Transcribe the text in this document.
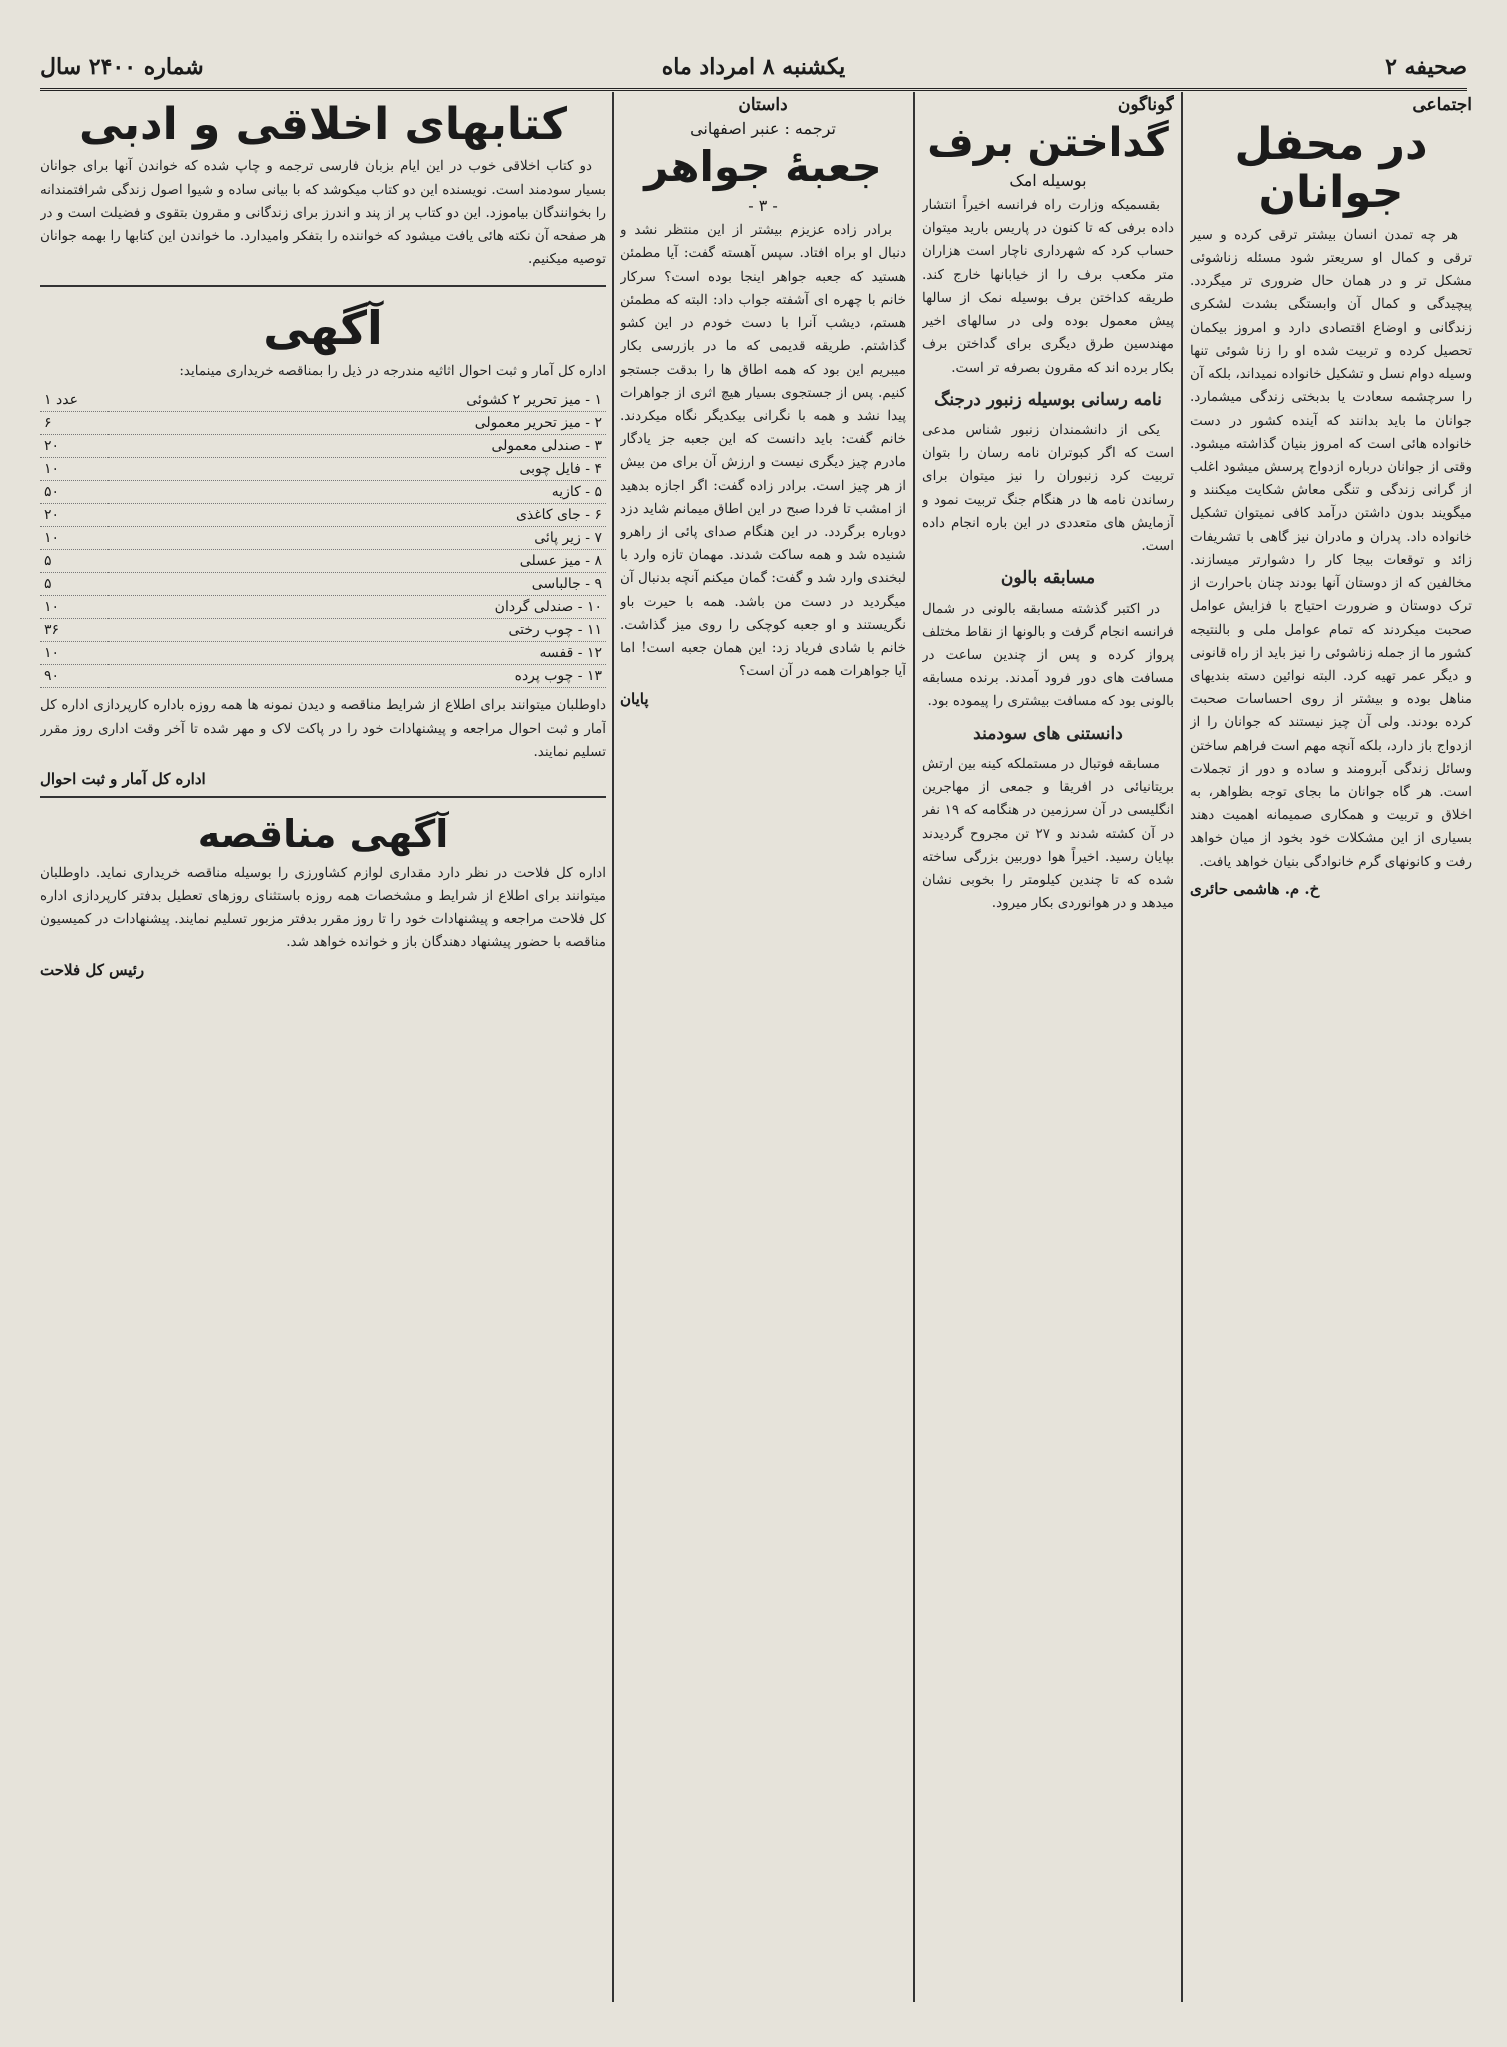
شماره ۲۴۰۰ سال	یکشنبه ۸ امرداد ماه	صحیفه ۲
اجتماعی
در محفل جوانان

هر چه تمدن انسان بیشتر ترقی کرده و سیر ترقی و کمال او سریعتر شود مسئله زناشوئی مشکل تر و در همان حال ضروری تر میگردد. پیچیدگی و کمال آن وابستگی بشدت لشکری زندگانی و اوضاع اقتصادی دارد و امروز بیکمان تحصیل کرده و تربیت شده او را زنا شوئی تنها وسیله دوام نسل و تشکیل خانواده نمیداند، بلکه آن را سرچشمه سعادت یا بدبختی زندگی میشمارد. جوانان ما باید بدانند که آینده کشور در دست خانواده هائی است که امروز بنیان گذاشته میشود. وقتی از جوانان درباره ازدواج پرسش میشود اغلب از گرانی زندگی و تنگی معاش شکایت میکنند و میگویند بدون داشتن درآمد کافی نمیتوان تشکیل خانواده داد. پدران و مادران نیز گاهی با تشریفات زائد و توقعات بیجا کار را دشوارتر میسازند. مخالفین که از دوستان آنها بودند چنان باحرارت از ترک دوستان و ضرورت احتیاج با فزایش عوامل صحبت میکردند که تمام عوامل ملی و بالنتیجه کشور ما از جمله زناشوئی را نیز باید از راه قانونی و دیگر عمر تهیه کرد. البته نوائین دسته بندیهای مناهل بوده و بیشتر از روی احساسات صحبت کرده بودند. ولی آن چیز نیستند که جوانان را از ازدواج باز دارد، بلکه آنچه مهم است فراهم ساختن وسائل زندگی آبرومند و ساده و دور از تجملات است. هر گاه جوانان ما بجای توجه بظواهر، به اخلاق و تربیت و همکاری صمیمانه اهمیت دهند بسیاری از این مشکلات خود بخود از میان خواهد رفت و کانونهای گرم خانوادگی بنیان خواهد یافت.

خ. م. هاشمی حائری
گوناگون
گداختن برف
بوسیله امک

بقسمیکه وزارت راه فرانسه اخیراً انتشار داده برفی که تا کنون در پاریس بارید میتوان حساب کرد که شهرداری ناچار است هزاران متر مکعب برف را از خیابانها خارج کند. طریقه کداختن برف بوسیله نمک از سالها پیش معمول بوده ولی در سالهای اخیر مهندسین طرق دیگری برای گداختن برف بکار برده اند که مقرون بصرفه تر است.

نامه رسانی بوسیله زنبور درجنگ

یکی از دانشمندان زنبور شناس مدعی است که اگر کبوتران نامه رسان را بتوان تربیت کرد زنبوران را نیز میتوان برای رساندن نامه ها در هنگام جنگ تربیت نمود و آزمایش های متعددی در این باره انجام داده است.

مسابقه بالون

در اکتبر گذشته مسابقه بالونی در شمال فرانسه انجام گرفت و بالونها از نقاط مختلف پرواز کرده و پس از چندین ساعت در مسافت های دور فرود آمدند. برنده مسابقه بالونی بود که مسافت بیشتری را پیموده بود.

دانستنی های سودمند

مسابقه فوتبال در مستملکه کینه بین ارتش بریتانیائی در افریقا و جمعی از مهاجرین انگلیسی در آن سرزمین در هنگامه که ۱۹ نفر در آن کشته شدند و ۲۷ تن مجروح گردیدند بپایان رسید. اخیراً هوا دوربین بزرگی ساخته شده که تا چندین کیلومتر را بخوبی نشان میدهد و در هوانوردی بکار میرود.

داستان
ترجمه : عنبر اصفهانی
جعبهٔ جواهر
- ۳ -

برادر زاده عزیزم بیشتر از این منتظر نشد و دنبال او براه افتاد. سپس آهسته گفت: آیا مطمئن هستید که جعبه جواهر اینجا بوده است؟ سرکار خانم با چهره ای آشفته جواب داد: البته که مطمئن هستم، دیشب آنرا با دست خودم در این کشو گذاشتم. طریقه قدیمی که ما در بازرسی بکار میبریم این بود که همه اطاق ها را بدقت جستجو کنیم. پس از جستجوی بسیار هیچ اثری از جواهرات پیدا نشد و همه با نگرانی بیکدیگر نگاه میکردند. خانم گفت: باید دانست که این جعبه جز یادگار مادرم چیز دیگری نیست و ارزش آن برای من بیش از هر چیز است. برادر زاده گفت: اگر اجازه بدهید از امشب تا فردا صبح در این اطاق میمانم شاید دزد دوباره برگردد. در این هنگام صدای پائی از راهرو شنیده شد و همه ساکت شدند. مهمان تازه وارد با لبخندی وارد شد و گفت: گمان میکنم آنچه بدنبال آن میگردید در دست من باشد. همه با حیرت باو نگریستند و او جعبه کوچکی را روی میز گذاشت. خانم با شادی فریاد زد: این همان جعبه است! اما آیا جواهرات همه در آن است؟

پایان
کتابهای اخلاقی و ادبی

دو کتاب اخلاقی خوب در این ایام بزبان فارسی ترجمه و چاپ شده که خواندن آنها برای جوانان بسیار سودمند است. نویسنده این دو کتاب میکوشد که با بیانی ساده و شیوا اصول زندگی شرافتمندانه را بخوانندگان بیاموزد. این دو کتاب پر از پند و اندرز برای زندگانی و مقرون بتقوی و فضیلت است و در هر صفحه آن نکته هائی یافت میشود که خواننده را بتفکر وامیدارد. ما خواندن این کتابها را بهمه جوانان توصیه میکنیم.

آگهی
اداره کل آمار و ثبت احوال اثاثیه مندرجه در ذیل را بمناقصه خریداری مینماید:
۱ - میز تحریر ۲ کشوئی	۱ عدد
۲ - میز تحریر معمولی	۶
۳ - صندلی معمولی	۲۰
۴ - فایل چوبی	۱۰
۵ - کازیه	۵۰
۶ - جای کاغذی	۲۰
۷ - زیر پائی	۱۰
۸ - میز عسلی	۵
۹ - جالباسی	۵
۱۰ - صندلی گردان	۱۰
۱۱ - چوب رختی	۳۶
۱۲ - قفسه	۱۰
۱۳ - چوب پرده	۹۰
داوطلبان میتوانند برای اطلاع از شرایط مناقصه و دیدن نمونه ها همه روزه باداره کارپردازی اداره کل آمار و ثبت احوال مراجعه و پیشنهادات خود را در پاکت لاک و مهر شده تا آخر وقت اداری روز مقرر تسلیم نمایند.
اداره کل آمار و ثبت احوال
آگهی مناقصه
اداره کل فلاحت در نظر دارد مقداری لوازم کشاورزی را بوسیله مناقصه خریداری نماید. داوطلبان میتوانند برای اطلاع از شرایط و مشخصات همه روزه باستثنای روزهای تعطیل بدفتر کارپردازی اداره کل فلاحت مراجعه و پیشنهادات خود را تا روز مقرر بدفتر مزبور تسلیم نمایند. پیشنهادات در کمیسیون مناقصه با حضور پیشنهاد دهندگان باز و خوانده خواهد شد.
رئیس کل فلاحت
